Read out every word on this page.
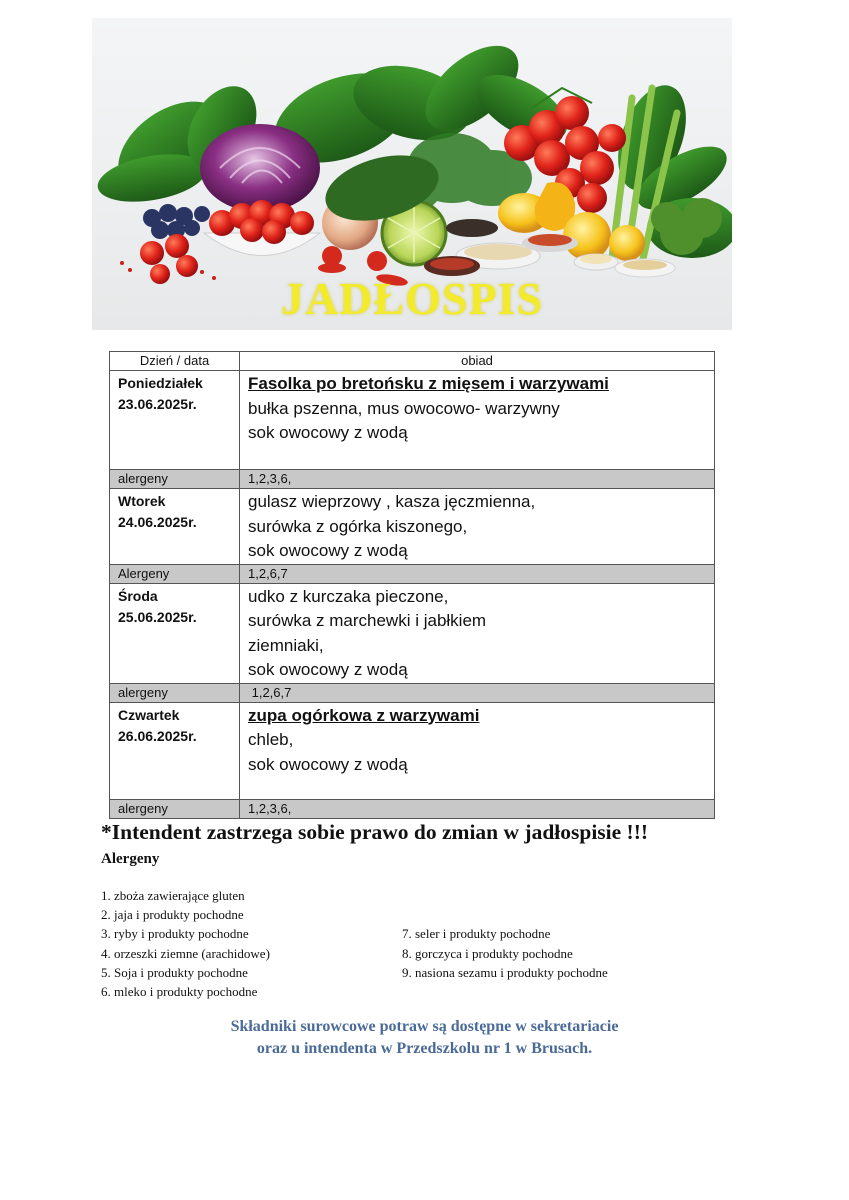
JADŁOSPIS
Dzień / data	obiad

Poniedziałek
23.06.2025r.	Fasolka po bretońsku z mięsem i warzywami
bułka pszenna, mus owocowo- warzywny
sok owocowy z wodą

alergeny	1,2,3,6,

Wtorek
24.06.2025r.	gulasz wieprzowy , kasza jęczmienna,
surówka z ogórka kiszonego,
sok owocowy z wodą

Alergeny	1,2,6,7

Środa
25.06.2025r.	udko z kurczaka pieczone,
surówka z marchewki i jabłkiem
ziemniaki,
sok owocowy z wodą

alergeny	1,2,6,7

Czwartek
26.06.2025r.	zupa ogórkowa z warzywami
chleb,
sok owocowy z wodą

alergeny	1,2,3,6,
*Intendent zastrzega sobie prawo do zmian w jadłospisie !!!
Alergeny
1. zboża zawierające gluten
2. jaja i produkty pochodne
3. ryby i produkty pochodne
4. orzeszki ziemne (arachidowe)
5. Soja i produkty pochodne
6. mleko i produkty pochodne
7. seler i produkty pochodne
8. gorczyca i produkty pochodne
9. nasiona sezamu i produkty pochodne
Składniki surowcowe potraw są dostępne w sekretariacie
oraz u intendenta w Przedszkolu nr 1 w Brusach.
